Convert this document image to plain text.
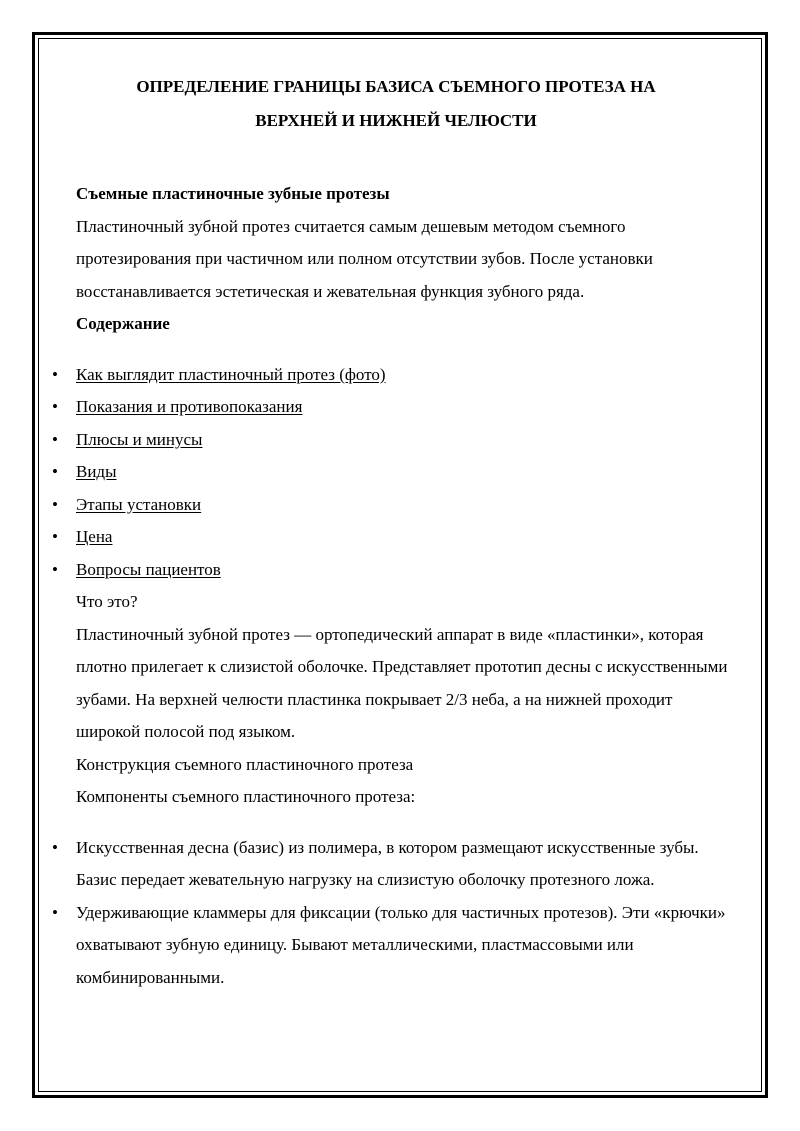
ОПРЕДЕЛЕНИЕ ГРАНИЦЫ БАЗИСА СЪЕМНОГО ПРОТЕЗА НА
ВЕРХНЕЙ И НИЖНЕЙ ЧЕЛЮСТИ

Съемные пластиночные зубные протезы

Пластиночный зубной протез считается самым дешевым методом съемного протезирования при частичном или полном отсутствии зубов. После установки восстанавливается эстетическая и жевательная функция зубного ряда.

Содержание

• Как выглядит пластиночный протез (фото)
• Показания и противопоказания
• Плюсы и минусы
• Виды
• Этапы установки
• Цена
• Вопросы пациентов

Что это?

Пластиночный зубной протез — ортопедический аппарат в виде «пластинки», которая плотно прилегает к слизистой оболочке. Представляет прототип десны с искусственными зубами. На верхней челюсти пластинка покрывает 2/3 неба, а на нижней проходит широкой полосой под языком.

Конструкция съемного пластиночного протеза

Компоненты съемного пластиночного протеза:

• Искусственная десна (базис) из полимера, в котором размещают искусственные зубы. Базис передает жевательную нагрузку на слизистую оболочку протезного ложа.
• Удерживающие кламмеры для фиксации (только для частичных протезов). Эти «крючки» охватывают зубную единицу. Бывают металлическими, пластмассовыми или комбинированными.
